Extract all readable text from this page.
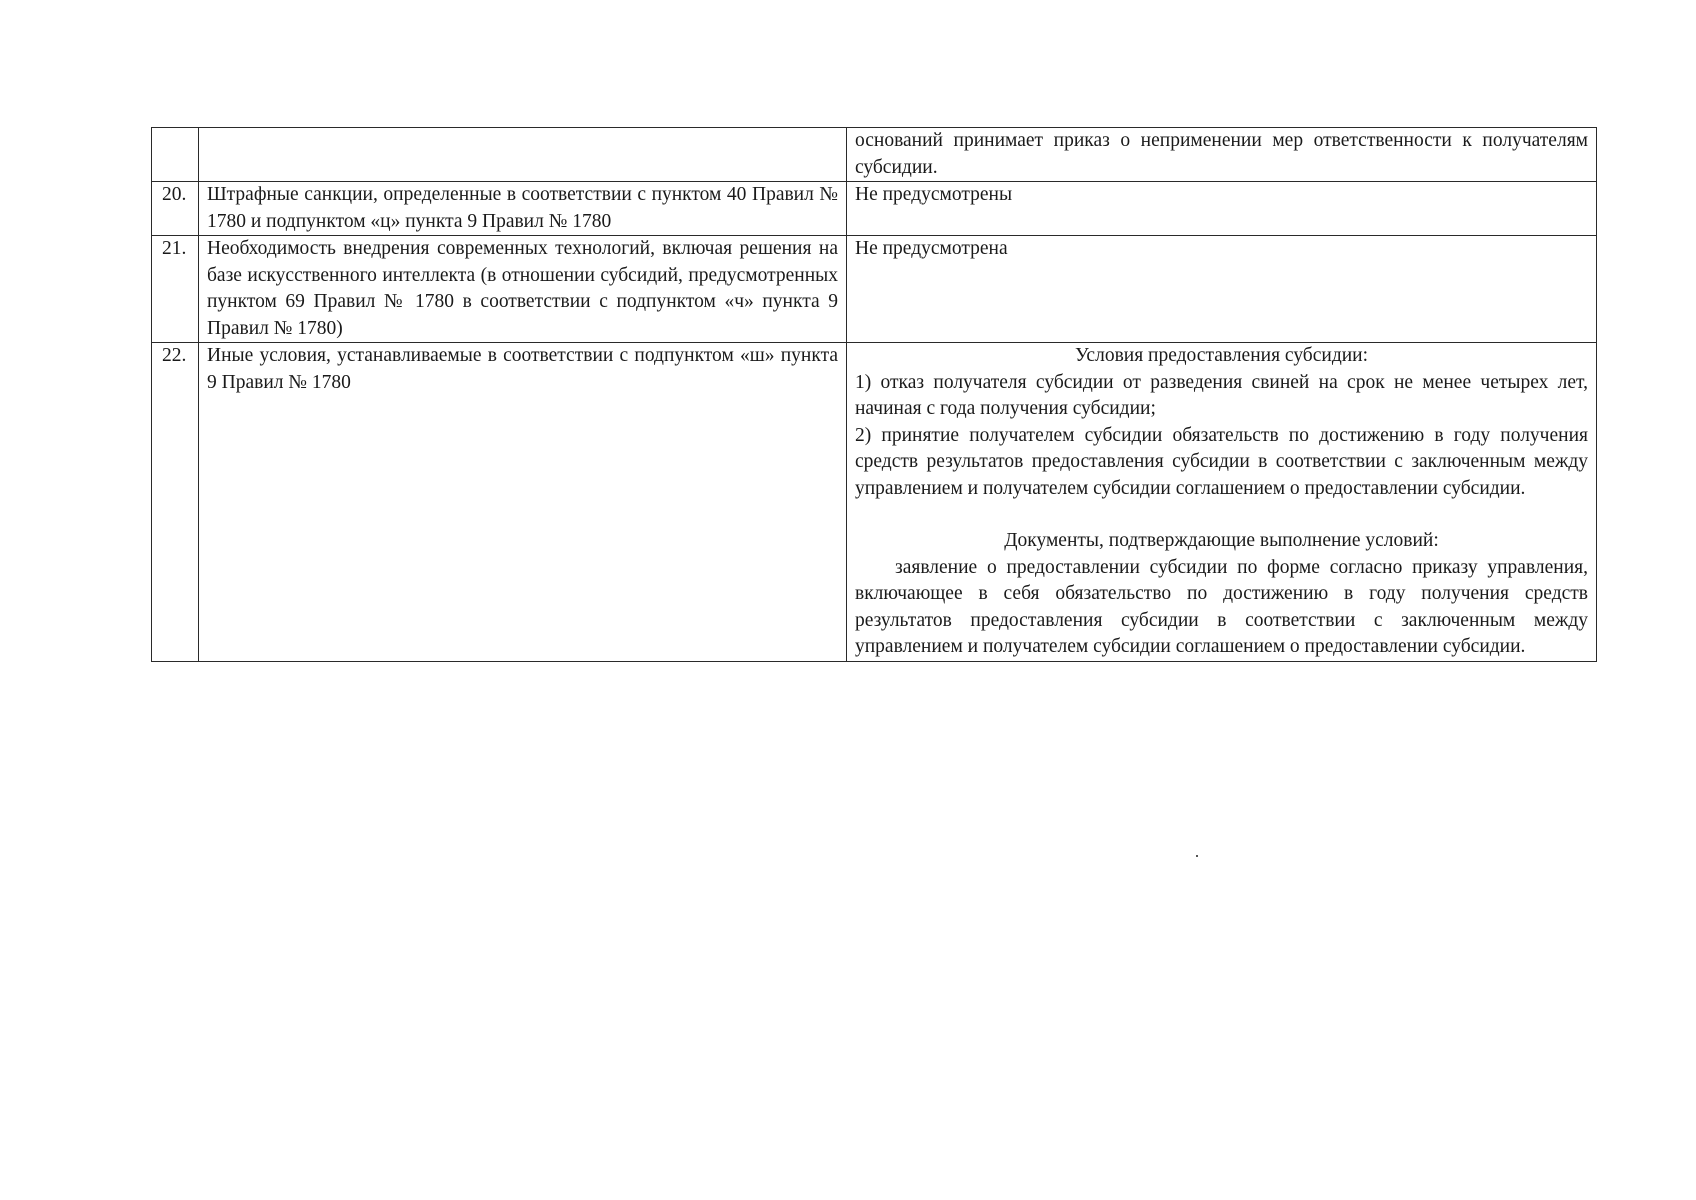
		оснований принимает приказ о неприменении мер ответственности к получателям субсидии.
20.	Штрафные санкции, определенные в соответствии с пунктом 40 Правил № 1780 и подпунктом «ц» пункта 9 Правил № 1780	Не предусмотрены
21.	Необходимость внедрения современных технологий, включая решения на базе искусственного интеллекта (в отношении субсидий, предусмотренных пунктом 69 Правил № 1780 в соответствии с подпунктом «ч» пункта 9 Правил № 1780)	Не предусмотрена
22.	Иные условия, устанавливаемые в соответствии с подпунктом «ш» пункта 9 Правил № 1780	Условия предоставления субсидии:

1) отказ получателя субсидии от разведения свиней на срок не менее четырех лет, начиная с года получения субсидии;

2) принятие получателем субсидии обязательств по достижению в году получения средств результатов предоставления субсидии в соответствии с заключенным между управлением и получателем субсидии соглашением о предоставлении субсидии.

Документы, подтверждающие выполнение условий:

заявление о предоставлении субсидии по форме согласно приказу управления, включающее в себя обязательство по достижению в году получения средств результатов предоставления субсидии в соответствии с заключенным между управлением и получателем субсидии соглашением о предоставлении субсидии.
